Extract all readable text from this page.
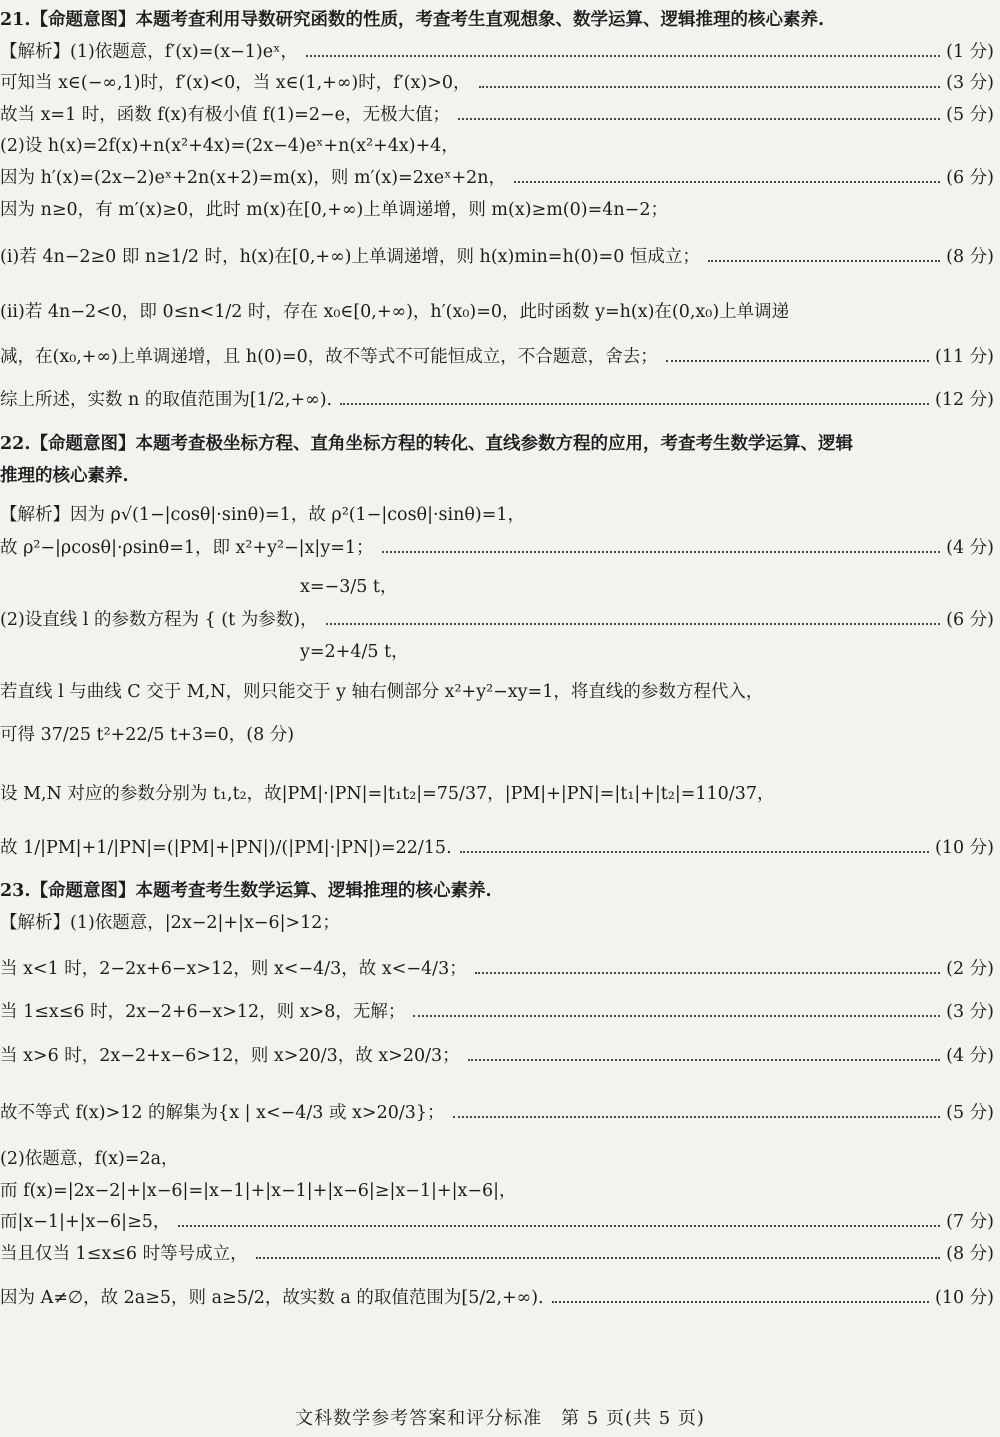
21.【命题意图】本题考查利用导数研究函数的性质，考查考生直观想象、数学运算、逻辑推理的核心素养.
【解析】(1)依题意，f′(x)=(x−1)eˣ，	(1 分)
可知当 x∈(−∞,1)时，f′(x)<0，当 x∈(1,+∞)时，f′(x)>0，	(3 分)
故当 x=1 时，函数 f(x)有极小值 f(1)=2−e，无极大值；	(5 分)
(2)设 h(x)=2f(x)+n(x²+4x)=(2x−4)eˣ+n(x²+4x)+4，
因为 h′(x)=(2x−2)eˣ+2n(x+2)=m(x)，则 m′(x)=2xeˣ+2n，	(6 分)
因为 n≥0，有 m′(x)≥0，此时 m(x)在[0,+∞)上单调递增，则 m(x)≥m(0)=4n−2；
(i)若 4n−2≥0 即 n≥1/2 时，h(x)在[0,+∞)上单调递增，则 h(x)min=h(0)=0 恒成立；	(8 分)
(ii)若 4n−2<0，即 0≤n<1/2 时，存在 x₀∈[0,+∞)，h′(x₀)=0，此时函数 y=h(x)在(0,x₀)上单调递
减，在(x₀,+∞)上单调递增，且 h(0)=0，故不等式不可能恒成立，不合题意，舍去；	(11 分)
综上所述，实数 n 的取值范围为[1/2,+∞).	(12 分)
22.【命题意图】本题考查极坐标方程、直角坐标方程的转化、直线参数方程的应用，考查考生数学运算、逻辑
推理的核心素养.
【解析】因为 ρ√(1−|cosθ|·sinθ)=1，故 ρ²(1−|cosθ|·sinθ)=1，
故 ρ²−|ρcosθ|·ρsinθ=1，即 x²+y²−|x|y=1；	(4 分)
x=−3/5 t，
(2)设直线 l 的参数方程为 { (t 为参数)，	(6 分)
y=2+4/5 t，
若直线 l 与曲线 C 交于 M,N，则只能交于 y 轴右侧部分 x²+y²−xy=1，将直线的参数方程代入，
可得 37/25 t²+22/5 t+3=0，(8 分)
设 M,N 对应的参数分别为 t₁,t₂，故|PM|·|PN|=|t₁t₂|=75/37，|PM|+|PN|=|t₁|+|t₂|=110/37，
故 1/|PM|+1/|PN|=(|PM|+|PN|)/(|PM|·|PN|)=22/15.	(10 分)
23.【命题意图】本题考查考生数学运算、逻辑推理的核心素养.
【解析】(1)依题意，|2x−2|+|x−6|>12；
当 x<1 时，2−2x+6−x>12，则 x<−4/3，故 x<−4/3；	(2 分)
当 1≤x≤6 时，2x−2+6−x>12，则 x>8，无解；	(3 分)
当 x>6 时，2x−2+x−6>12，则 x>20/3，故 x>20/3；	(4 分)
故不等式 f(x)>12 的解集为{x | x<−4/3 或 x>20/3}；	(5 分)
(2)依题意，f(x)=2a，
而 f(x)=|2x−2|+|x−6|=|x−1|+|x−1|+|x−6|≥|x−1|+|x−6|，
而|x−1|+|x−6|≥5，	(7 分)
当且仅当 1≤x≤6 时等号成立，	(8 分)
因为 A≠∅，故 2a≥5，则 a≥5/2，故实数 a 的取值范围为[5/2,+∞).	(10 分)
文科数学参考答案和评分标准　第 5 页(共 5 页)
